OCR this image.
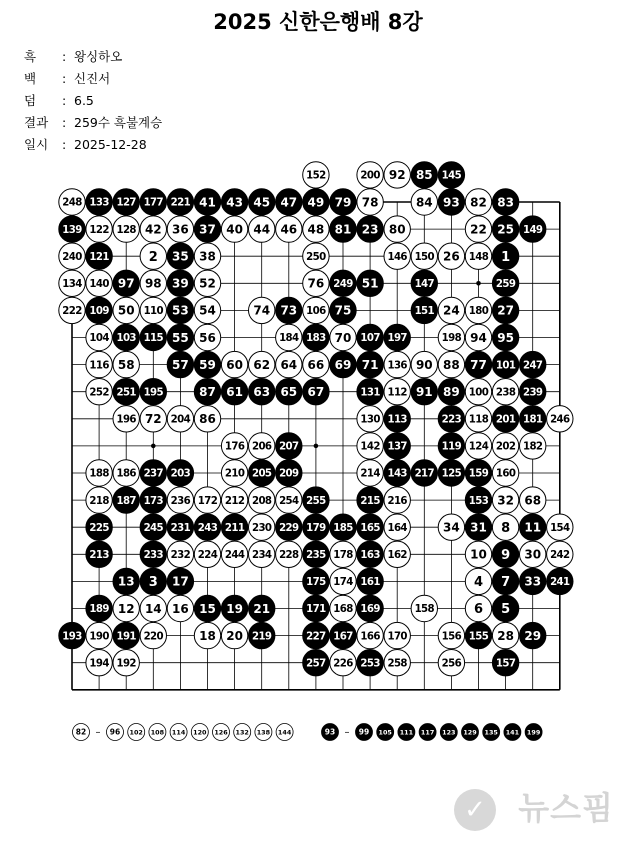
2025 신한은행배 8강
흑 : 왕싱하오
백 : 신진서
덤 : 6.5
결과 : 259수 흑불계승
일시 : 2025-12-28
152	200 92 85 145
248 133 127 177 221 41 43 45 47 49 79 78	84 93 82 83
139 122 128 42 36 37 40 44 46 48 81 23 80	22 25 149
240 121	2 35 38	250	146 150 26 148 1
134 140 97 98 39 52	76 249 51	147	259
222 109 50 110 53 54	74 73 106 75	151 24 180 27
104 103 115 55 56	184 183 70 107 197	198 94 95
116 58	57 59 60 62 64 66 69 71 136 90 88 77 101 247
252 251 195	87 61 63 65 67	131 112 91 89 100 238 239
196 72 204 86	130 113	223 118 201 181 246
176 206 207	142 137	119 124 202 182
188 186 237 203	210 205 209	214 143 217 125 159 160
218 187 173 236 172 212 208 254 255	215 216	153 32 68
225	245 231 243 211 230 229 179 185 165 164	34 31 8 11 154
213	233 232 224 244 234 228 235 178 163 162	10 9 30 242
13 3 17	175 174 161	4 7 33 241
189 12 14 16 15 19 21	171 168 169	158	6 5
193 190 191 220	18 20 219	227 167 166 170	156 155 28 29
194 192	257 226 253 258	256	157
82 – 96 102 108 114 120 126 132 138 144	93 – 99 105 111 117 123 129 135 141 199
✓	뉴스핌
